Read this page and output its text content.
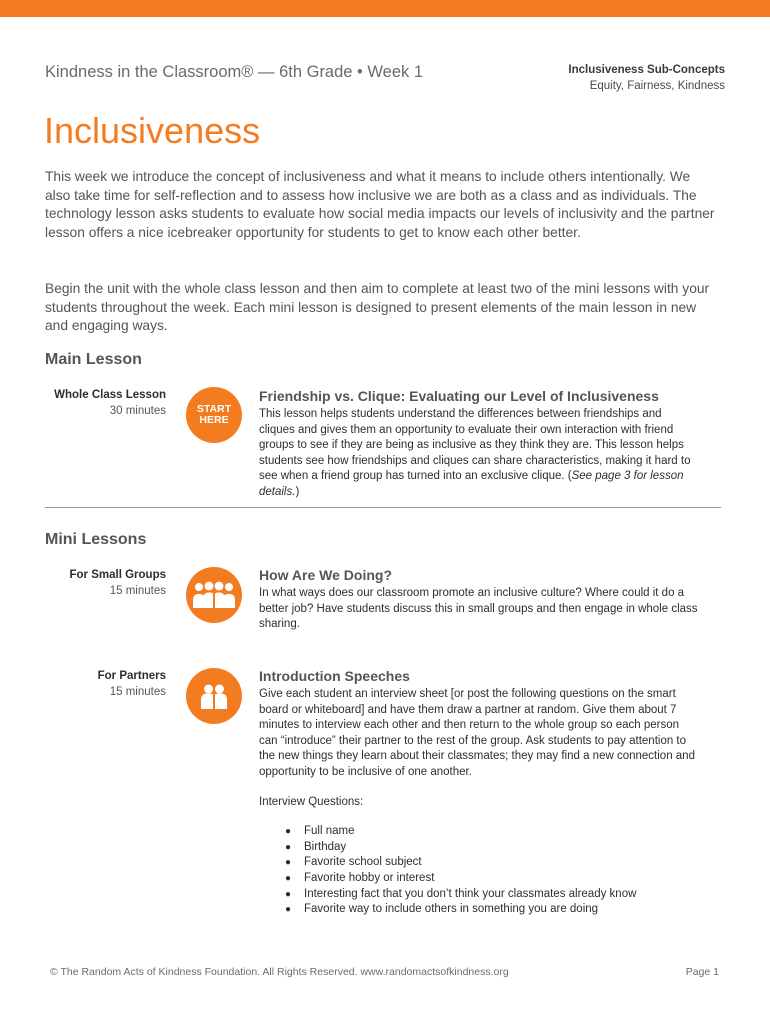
Kindness in the Classroom® — 6th Grade • Week 1	Inclusiveness Sub-Concepts
Equity, Fairness, Kindness
Inclusiveness

This week we introduce the concept of inclusiveness and what it means to include others intentionally. We also take time for self-reflection and to assess how inclusive we are both as a class and as individuals. The technology lesson asks students to evaluate how social media impacts our levels of inclusivity and the partner lesson offers a nice icebreaker opportunity for students to get to know each other better.

Begin the unit with the whole class lesson and then aim to complete at least two of the mini lessons with your students throughout the week. Each mini lesson is designed to present elements of the main lesson in new and engaging ways.

Main Lesson
Whole Class Lesson
30 minutes	START
HERE
Friendship vs. Clique: Evaluating our Level of Inclusiveness

This lesson helps students understand the differences between friendships and cliques and gives them an opportunity to evaluate their own interaction with friend groups to see if they are being as inclusive as they think they are. This lesson helps students see how friendships and cliques can share characteristics, making it hard to see when a friend group has turned into an exclusive clique. (See page 3 for lesson details.)

Mini Lessons
For Small Groups
15 minutes
How Are We Doing?

In what ways does our classroom promote an inclusive culture? Where could it do a better job? Have students discuss this in small groups and then engage in whole class sharing.

For Partners
15 minutes
Introduction Speeches

Give each student an interview sheet [or post the following questions on the smart board or whiteboard] and have them draw a partner at random. Give them about 7 minutes to interview each other and then return to the whole group so each person can “introduce” their partner to the rest of the group. Ask students to pay attention to the new things they learn about their classmates; they may find a new connection and opportunity to be inclusive of one another.

Interview Questions:

● Full name
● Birthday
● Favorite school subject
● Favorite hobby or interest
● Interesting fact that you don’t think your classmates already know
● Favorite way to include others in something you are doing
© The Random Acts of Kindness Foundation. All Rights Reserved. www.randomactsofkindness.org	Page 1
